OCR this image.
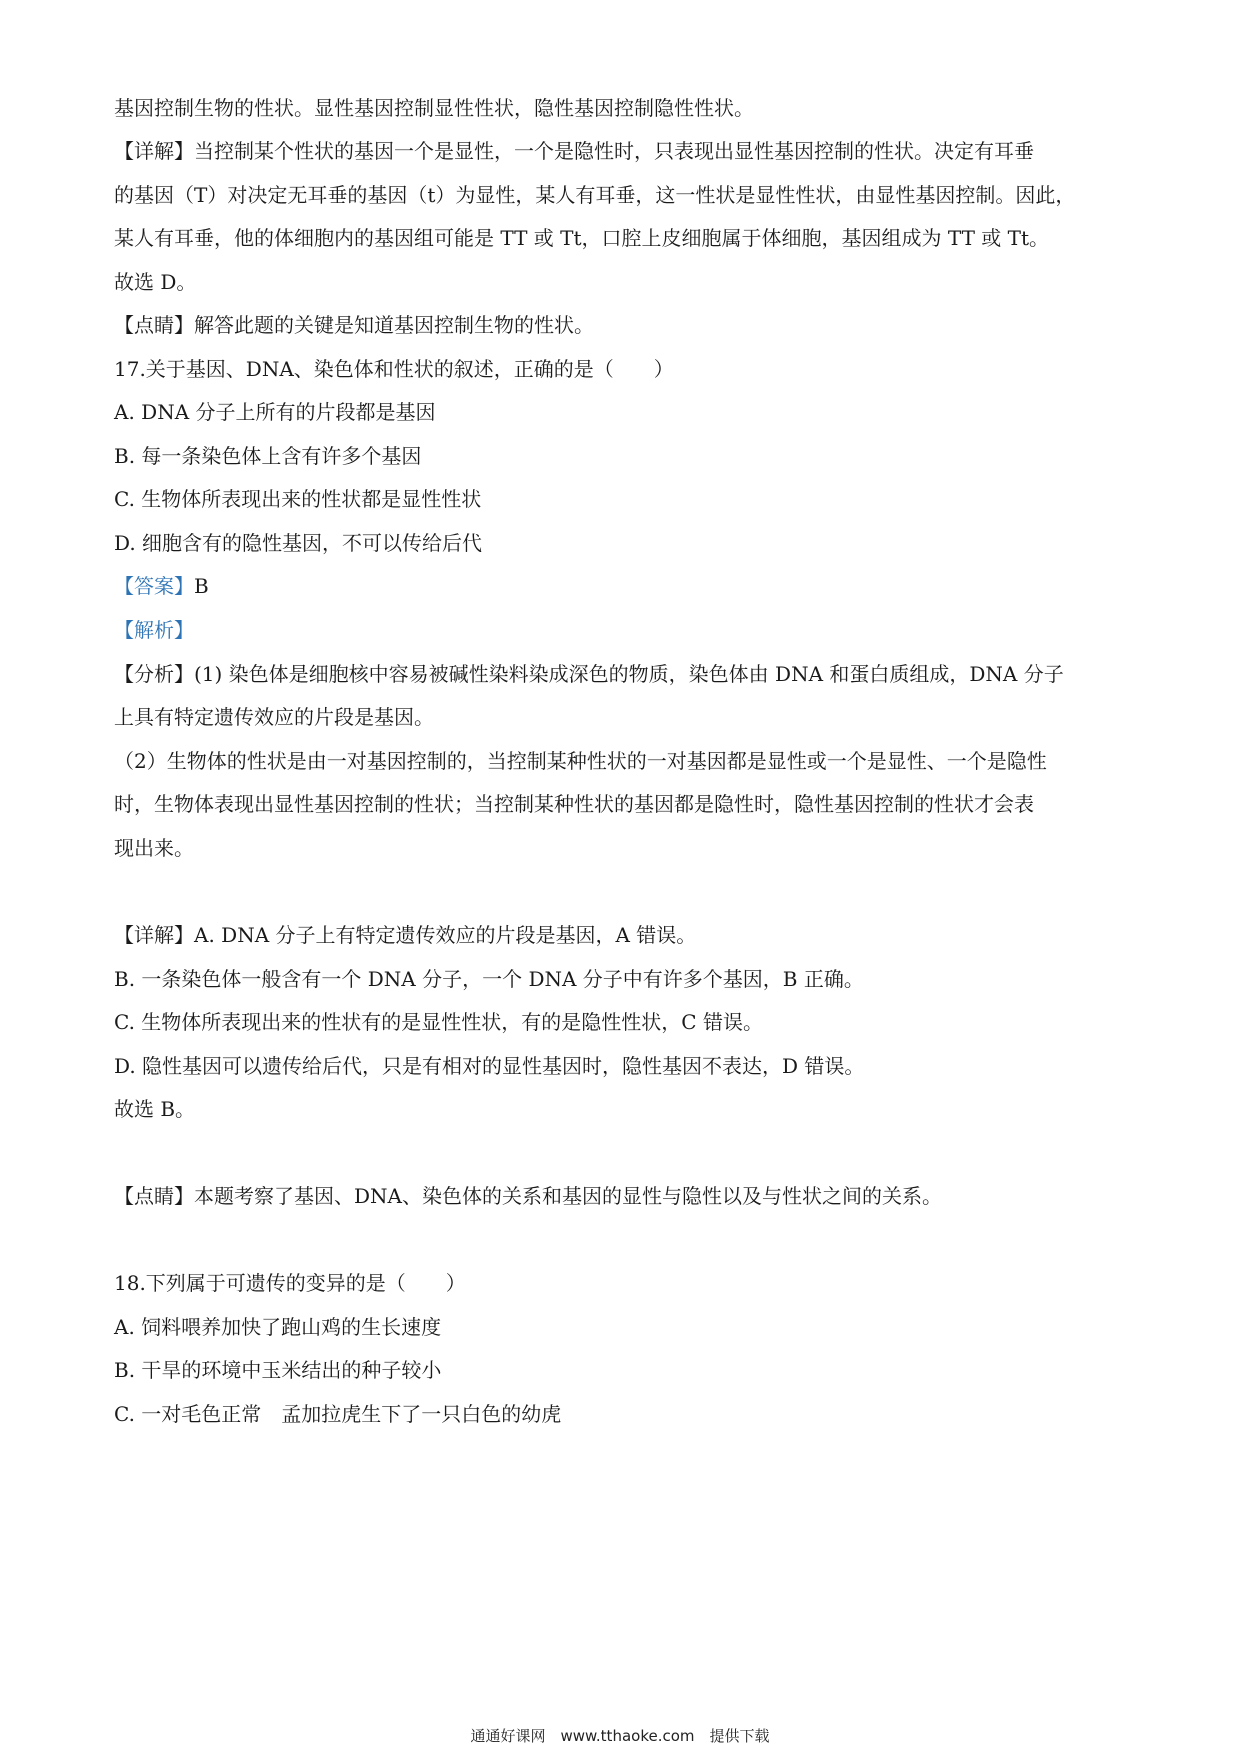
基因控制生物的性状。显性基因控制显性性状，隐性基因控制隐性性状。
【详解】当控制某个性状的基因一个是显性，一个是隐性时，只表现出显性基因控制的性状。决定有耳垂
的基因（T）对决定无耳垂的基因（t）为显性，某人有耳垂，这一性状是显性性状，由显性基因控制。因此，
某人有耳垂，他的体细胞内的基因组可能是 TT 或 Tt，口腔上皮细胞属于体细胞，基因组成为 TT 或 Tt。
故选 D。
【点睛】解答此题的关键是知道基因控制生物的性状。
17.关于基因、DNA、染色体和性状的叙述，正确的是（　　）
A. DNA 分子上所有的片段都是基因
B. 每一条染色体上含有许多个基因
C. 生物体所表现出来的性状都是显性性状
D. 细胞含有的隐性基因，不可以传给后代
【答案】B
【解析】
【分析】(1) 染色体是细胞核中容易被碱性染料染成深色的物质，染色体由 DNA 和蛋白质组成，DNA 分子
上具有特定遗传效应的片段是基因。
（2）生物体的性状是由一对基因控制的，当控制某种性状的一对基因都是显性或一个是显性、一个是隐性
时，生物体表现出显性基因控制的性状；当控制某种性状的基因都是隐性时，隐性基因控制的性状才会表
现出来。
【详解】A. DNA 分子上有特定遗传效应的片段是基因，A 错误。
B. 一条染色体一般含有一个 DNA 分子，一个 DNA 分子中有许多个基因，B 正确。
C. 生物体所表现出来的性状有的是显性性状，有的是隐性性状，C 错误。
D. 隐性基因可以遗传给后代，只是有相对的显性基因时，隐性基因不表达，D 错误。
故选 B。
【点睛】本题考察了基因、DNA、染色体的关系和基因的显性与隐性以及与性状之间的关系。
18.下列属于可遗传的变异的是（　　）
A. 饲料喂养加快了跑山鸡的生长速度
B. 干旱的环境中玉米结出的种子较小
C. 一对毛色正常　孟加拉虎生下了一只白色的幼虎
通通好课网　www.tthaoke.com　提供下载
